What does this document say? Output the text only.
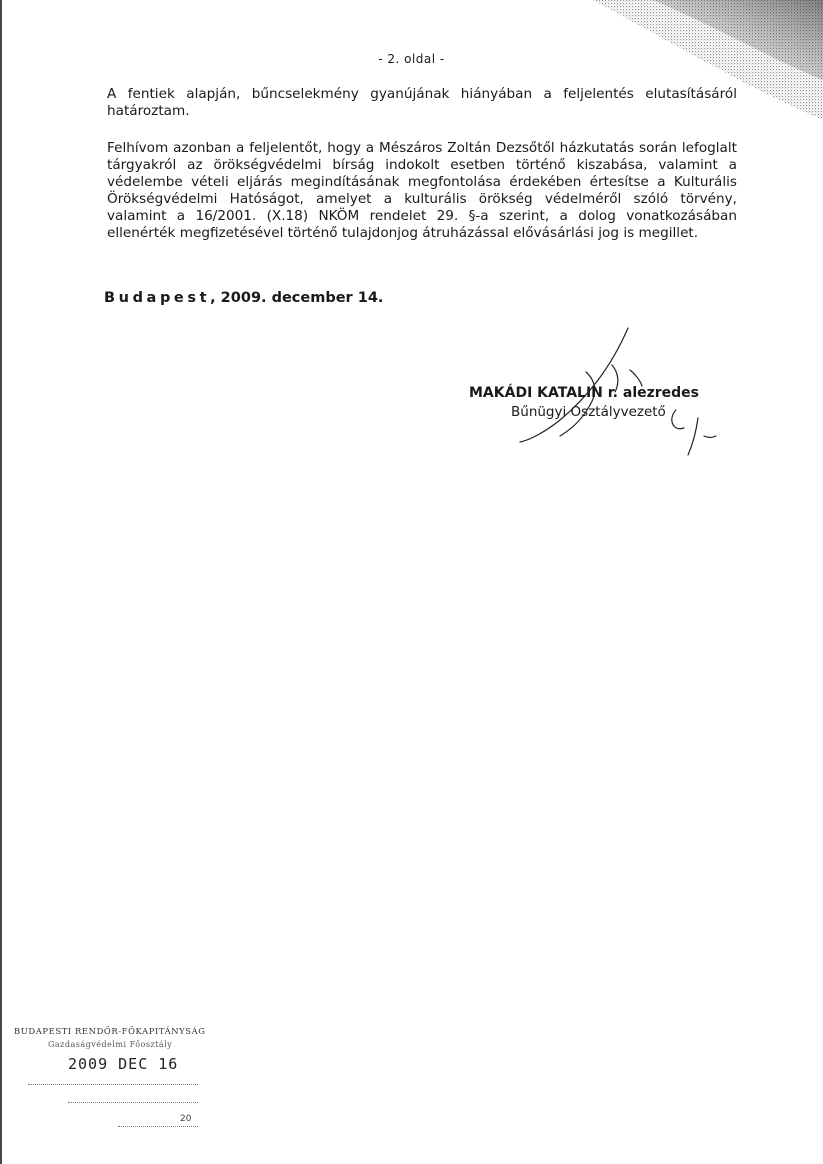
- 2. oldal -
A fentiek alapján, bűncselekmény gyanújának hiányában a feljelentés elutasításáról határoztam.
Felhívom azonban a feljelentőt, hogy a Mészáros Zoltán Dezsőtől házkutatás során lefoglalt tárgyakról az örökségvédelmi bírság indokolt esetben történő kiszabása, valamint a védelembe vételi eljárás megindításának megfontolása érdekében értesítse a Kulturális Örökségvédelmi Hatóságot, amelyet a kulturális örökség védelméről szóló törvény, valamint a 16/2001. (X.18) NKÖM rendelet 29. §-a szerint, a dolog vonatkozásában ellenérték megfizetésével történő tulajdonjog átruházással elővásárlási jog is megillet.
Budapest, 2009. december 14.
MAKÁDI KATALIN r. alezredes
Bűnügyi Osztályvezető
BUDAPESTI RENDŐR-FŐKAPITÁNYSÁG
Gazdaságvédelmi Főosztály
2009 DEC 16
20
